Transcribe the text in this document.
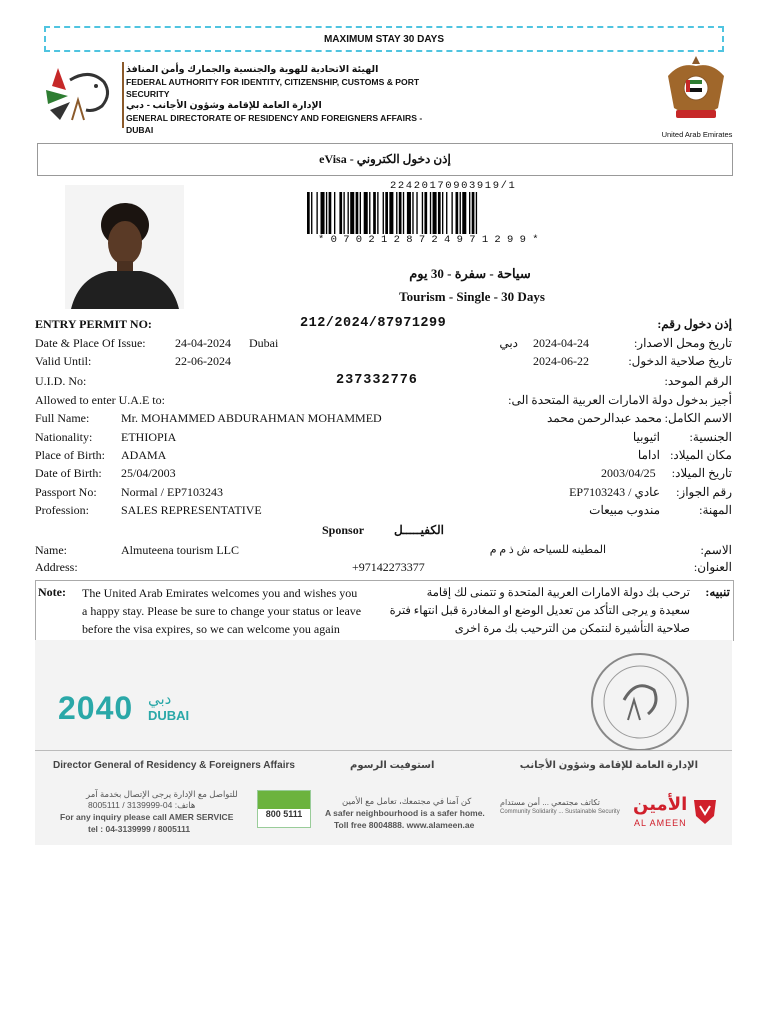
MAXIMUM STAY 30 DAYS
الهيئة الاتحادية للهوية والجنسية والجمارك وأمن المنافذ
FEDERAL AUTHORITY FOR IDENTITY, CITIZENSHIP, CUSTOMS & PORT SECURITY
الإدارة العامة للإقامة وشؤون الأجانب - دبي
GENERAL DIRECTORATE OF RESIDENCY AND FOREIGNERS AFFAIRS - DUBAI	United Arab Emirates
eVisa - إذن دخول الكتروني
22420170903919/1
* 0 7 0 2 1 2 8 7 2 4 9 7 1 2 9 9 *
سياحة - سفرة - 30 يوم
Tourism - Single - 30 Days
ENTRY PERMIT NO:	212/2024/87971299	إذن دخول رقم:
Date & Place Of Issue: 24-04-2024 Dubai	دبي 2024-04-24	تاريخ ومحل الاصدار:
Valid Until:	22-06-2024	2024-06-22	تاريخ صلاحية الدخول:
U.I.D. No:	237332776	الرقم الموحد:
Allowed to enter U.A.E to:	أجيز بدخول دولة الامارات العربية المتحدة الى:
Full Name:	Mr. MOHAMMED ABDURAHMAN MOHAMMED	محمد عبدالرحمن محمد الاسم الكامل:
Nationality: ETHIOPIA	اثيوبيا الجنسية:
Place of Birth: ADAMA	اداما مكان الميلاد:
Date of Birth: 25/04/2003	2003/04/25 تاريخ الميلاد:
Passport No: Normal / EP7103243	عادي / EP7103243 رقم الجواز:
Profession:	SALES REPRESENTATIVE	مندوب مبيعات	المهنة:
Sponsor الكفيـــــل
Name:	Almuteena tourism LLC	المطينه للسياحه ش ذ م م	الاسم:
Address:	+97142273377	العنوان:
Note: The United Arab Emirates welcomes you and wishes you
a happy stay. Please be sure to change your status or leave
before the visa expires, so we can welcome you again
تنبيه:
ترحب بك دولة الامارات العربية المتحدة و تتمنى لك إقامة
سعيدة و يرجى التأكد من تعديل الوضع او المغادرة قبل انتهاء فترة
صلاحية التأشيرة لنتمكن من الترحيب بك مرة اخرى
2040 دبي
DUBAI
Director General of Residency & Foreigners Affairs	استوفيت الرسوم	الإدارة العامة للإقامة وشؤون الأجانب
للتواصل مع الإدارة يرجى الإتصال بخدمة آمر
هاتف: 04-3139999 / 8005111
For any inquiry please call AMER SERVICE
tel : 04-3139999 / 8005111
800 5111
كن آمنا في مجتمعك، تعامل مع الأمين
A safer neighbourhood is a safer home.
Toll free 8004888. www.alameen.ae
تكاتف مجتمعي ... أمن مستدام
Community Solidarity ... Sustainable Security الأمين
AL AMEEN
